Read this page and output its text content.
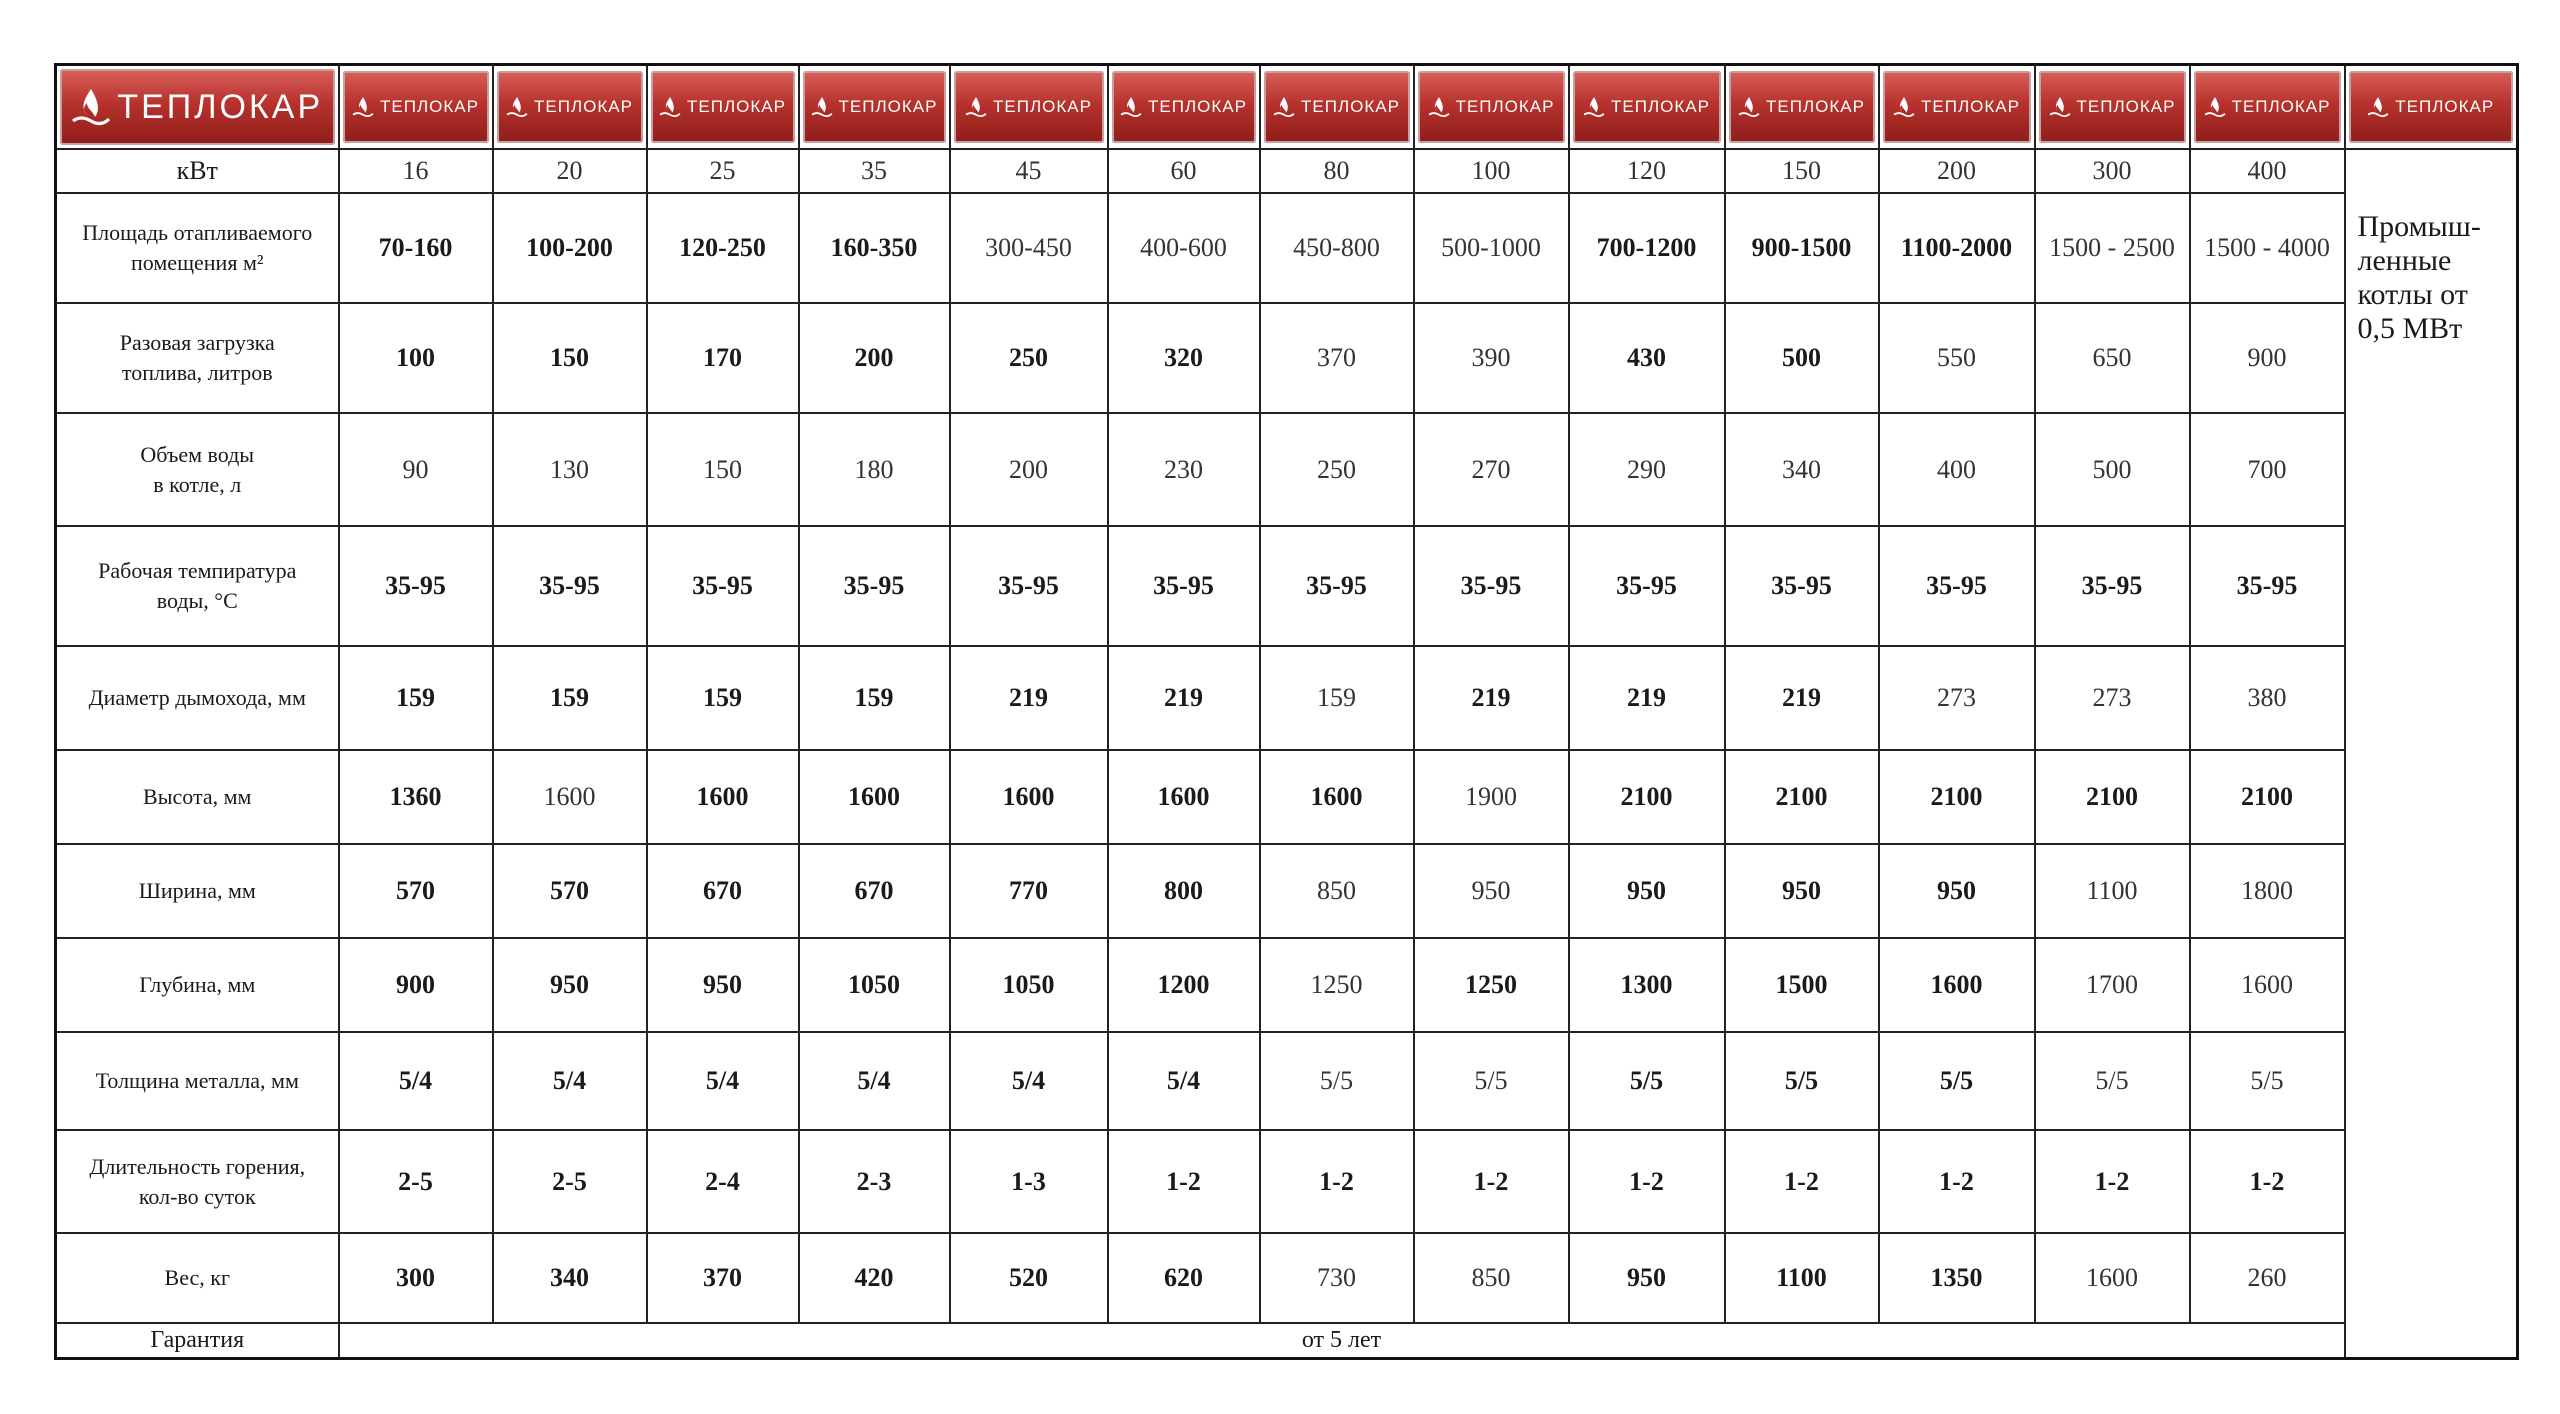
ТЕПЛОКАР	ТЕПЛОКАР	ТЕПЛОКАР	ТЕПЛОКАР	ТЕПЛОКАР	ТЕПЛОКАР	ТЕПЛОКАР	ТЕПЛОКАР	ТЕПЛОКАР	ТЕПЛОКАР	ТЕПЛОКАР	ТЕПЛОКАР	ТЕПЛОКАР	ТЕПЛОКАР	ТЕПЛОКАР

кВт	16	20	25	35	45	60	80	100	120	150	200	300	400	Промыш-
ленные
котлы от
0,5 МВт

Площадь отапливаемого
помещения м²	70-160	100-200	120-250	160-350	300-450	400-600	450-800	500-1000	700-1200	900-1500	1100-2000	1500 - 2500	1500 - 4000	

Разовая загрузка
топлива, литров	100	150	170	200	250	320	370	390	430	500	550	650	900	

Объем воды
в котле, л	90	130	150	180	200	230	250	270	290	340	400	500	700	

Рабочая темпиратура
воды, °С	35-95	35-95	35-95	35-95	35-95	35-95	35-95	35-95	35-95	35-95	35-95	35-95	35-95	

Диаметр дымохода, мм	159	159	159	159	219	219	159	219	219	219	273	273	380	

Высота, мм	1360	1600	1600	1600	1600	1600	1600	1900	2100	2100	2100	2100	2100	

Ширина, мм	570	570	670	670	770	800	850	950	950	950	950	1100	1800	

Глубина, мм	900	950	950	1050	1050	1200	1250	1250	1300	1500	1600	1700	1600	

Толщина металла, мм	5/4	5/4	5/4	5/4	5/4	5/4	5/5	5/5	5/5	5/5	5/5	5/5	5/5	

Длительность горения,
кол-во суток	2-5	2-5	2-4	2-3	1-3	1-2	1-2	1-2	1-2	1-2	1-2	1-2	1-2	

Вес, кг	300	340	370	420	520	620	730	850	950	1100	1350	1600	260	
Гарантия	от 5 лет													
